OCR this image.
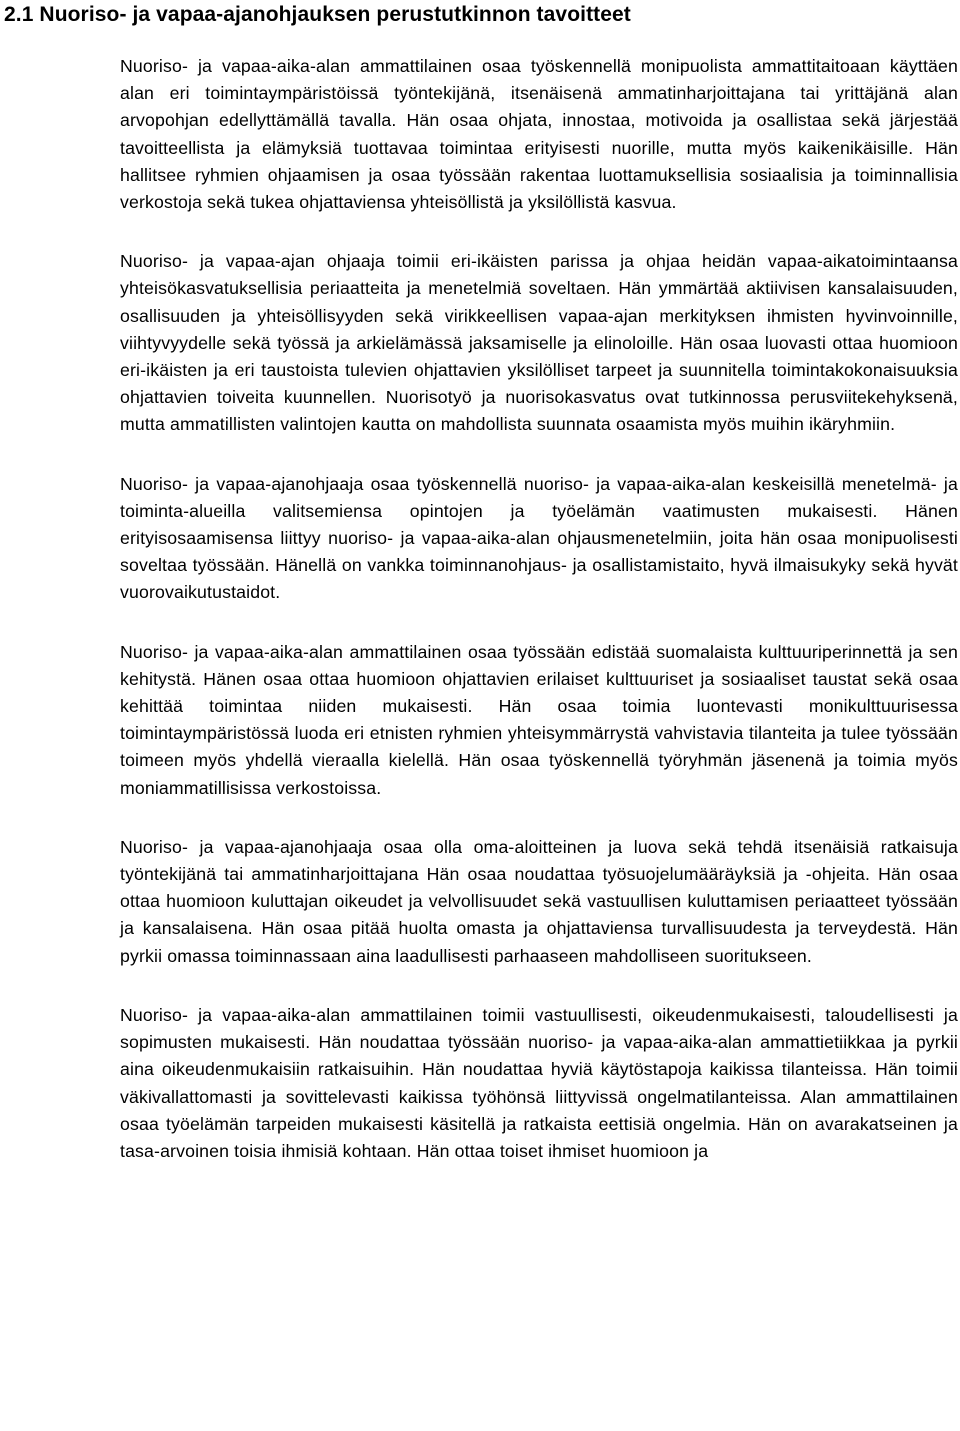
2.1 Nuoriso- ja vapaa-ajanohjauksen perustutkinnon tavoitteet

Nuoriso- ja vapaa-aika-alan ammattilainen osaa työskennellä monipuolista ammattitaitoaan käyttäen alan eri toimintaympäristöissä työntekijänä, itsenäisenä ammatinharjoittajana tai yrittäjänä alan arvopohjan edellyttämällä tavalla. Hän osaa ohjata, innostaa, motivoida ja osallistaa sekä järjestää tavoitteellista ja elämyksiä tuottavaa toimintaa erityisesti nuorille, mutta myös kaikenikäisille. Hän hallitsee ryhmien ohjaamisen ja osaa työssään rakentaa luottamuksellisia sosiaalisia ja toiminnallisia verkostoja sekä tukea ohjattaviensa yhteisöllistä ja yksilöllistä kasvua.

Nuoriso- ja vapaa-ajan ohjaaja toimii eri-ikäisten parissa ja ohjaa heidän vapaa-aikatoimintaansa yhteisökasvatuksellisia periaatteita ja menetelmiä soveltaen. Hän ymmärtää aktiivisen kansalaisuuden, osallisuuden ja yhteisöllisyyden sekä virikkeellisen vapaa-ajan merkityksen ihmisten hyvinvoinnille, viihtyvyydelle sekä työssä ja arkielämässä jaksamiselle ja elinoloille. Hän osaa luovasti ottaa huomioon eri-ikäisten ja eri taustoista tulevien ohjattavien yksilölliset tarpeet ja suunnitella toimintakokonaisuuksia ohjattavien toiveita kuunnellen. Nuorisotyö ja nuorisokasvatus ovat tutkinnossa perusviitekehyksenä, mutta ammatillisten valintojen kautta on mahdollista suunnata osaamista myös muihin ikäryhmiin.

Nuoriso- ja vapaa-ajanohjaaja osaa työskennellä nuoriso- ja vapaa-aika-alan keskeisillä menetelmä- ja toiminta-alueilla valitsemiensa opintojen ja työelämän vaatimusten mukaisesti. Hänen erityisosaamisensa liittyy nuoriso- ja vapaa-aika-alan ohjausmenetelmiin, joita hän osaa monipuolisesti soveltaa työssään. Hänellä on vankka toiminnanohjaus- ja osallistamistaito, hyvä ilmaisukyky sekä hyvät vuorovaikutustaidot.

Nuoriso- ja vapaa-aika-alan ammattilainen osaa työssään edistää suomalaista kulttuuriperinnettä ja sen kehitystä. Hänen osaa ottaa huomioon ohjattavien erilaiset kulttuuriset ja sosiaaliset taustat sekä osaa kehittää toimintaa niiden mukaisesti. Hän osaa toimia luontevasti monikulttuurisessa toimintaympäristössä luoda eri etnisten ryhmien yhteisymmärrystä vahvistavia tilanteita ja tulee työssään toimeen myös yhdellä vieraalla kielellä. Hän osaa työskennellä työryhmän jäsenenä ja toimia myös moniammatillisissa verkostoissa.

Nuoriso- ja vapaa-ajanohjaaja osaa olla oma-aloitteinen ja luova sekä tehdä itsenäisiä ratkaisuja työntekijänä tai ammatinharjoittajana Hän osaa noudattaa työsuojelumääräyksiä ja -ohjeita. Hän osaa ottaa huomioon kuluttajan oikeudet ja velvollisuudet sekä vastuullisen kuluttamisen periaatteet työssään ja kansalaisena. Hän osaa pitää huolta omasta ja ohjattaviensa turvallisuudesta ja terveydestä. Hän pyrkii omassa toiminnassaan aina laadullisesti parhaaseen mahdolliseen suoritukseen.

Nuoriso- ja vapaa-aika-alan ammattilainen toimii vastuullisesti, oikeudenmukaisesti, taloudellisesti ja sopimusten mukaisesti. Hän noudattaa työssään nuoriso- ja vapaa-aika-alan ammattietiikkaa ja pyrkii aina oikeudenmukaisiin ratkaisuihin. Hän noudattaa hyviä käytöstapoja kaikissa tilanteissa. Hän toimii väkivallattomasti ja sovittelevasti kaikissa työhönsä liittyvissä ongelmatilanteissa. Alan ammattilainen osaa työelämän tarpeiden mukaisesti käsitellä ja ratkaista eettisiä ongelmia. Hän on avarakatseinen ja tasa-arvoinen toisia ihmisiä kohtaan. Hän ottaa toiset ihmiset huomioon ja
